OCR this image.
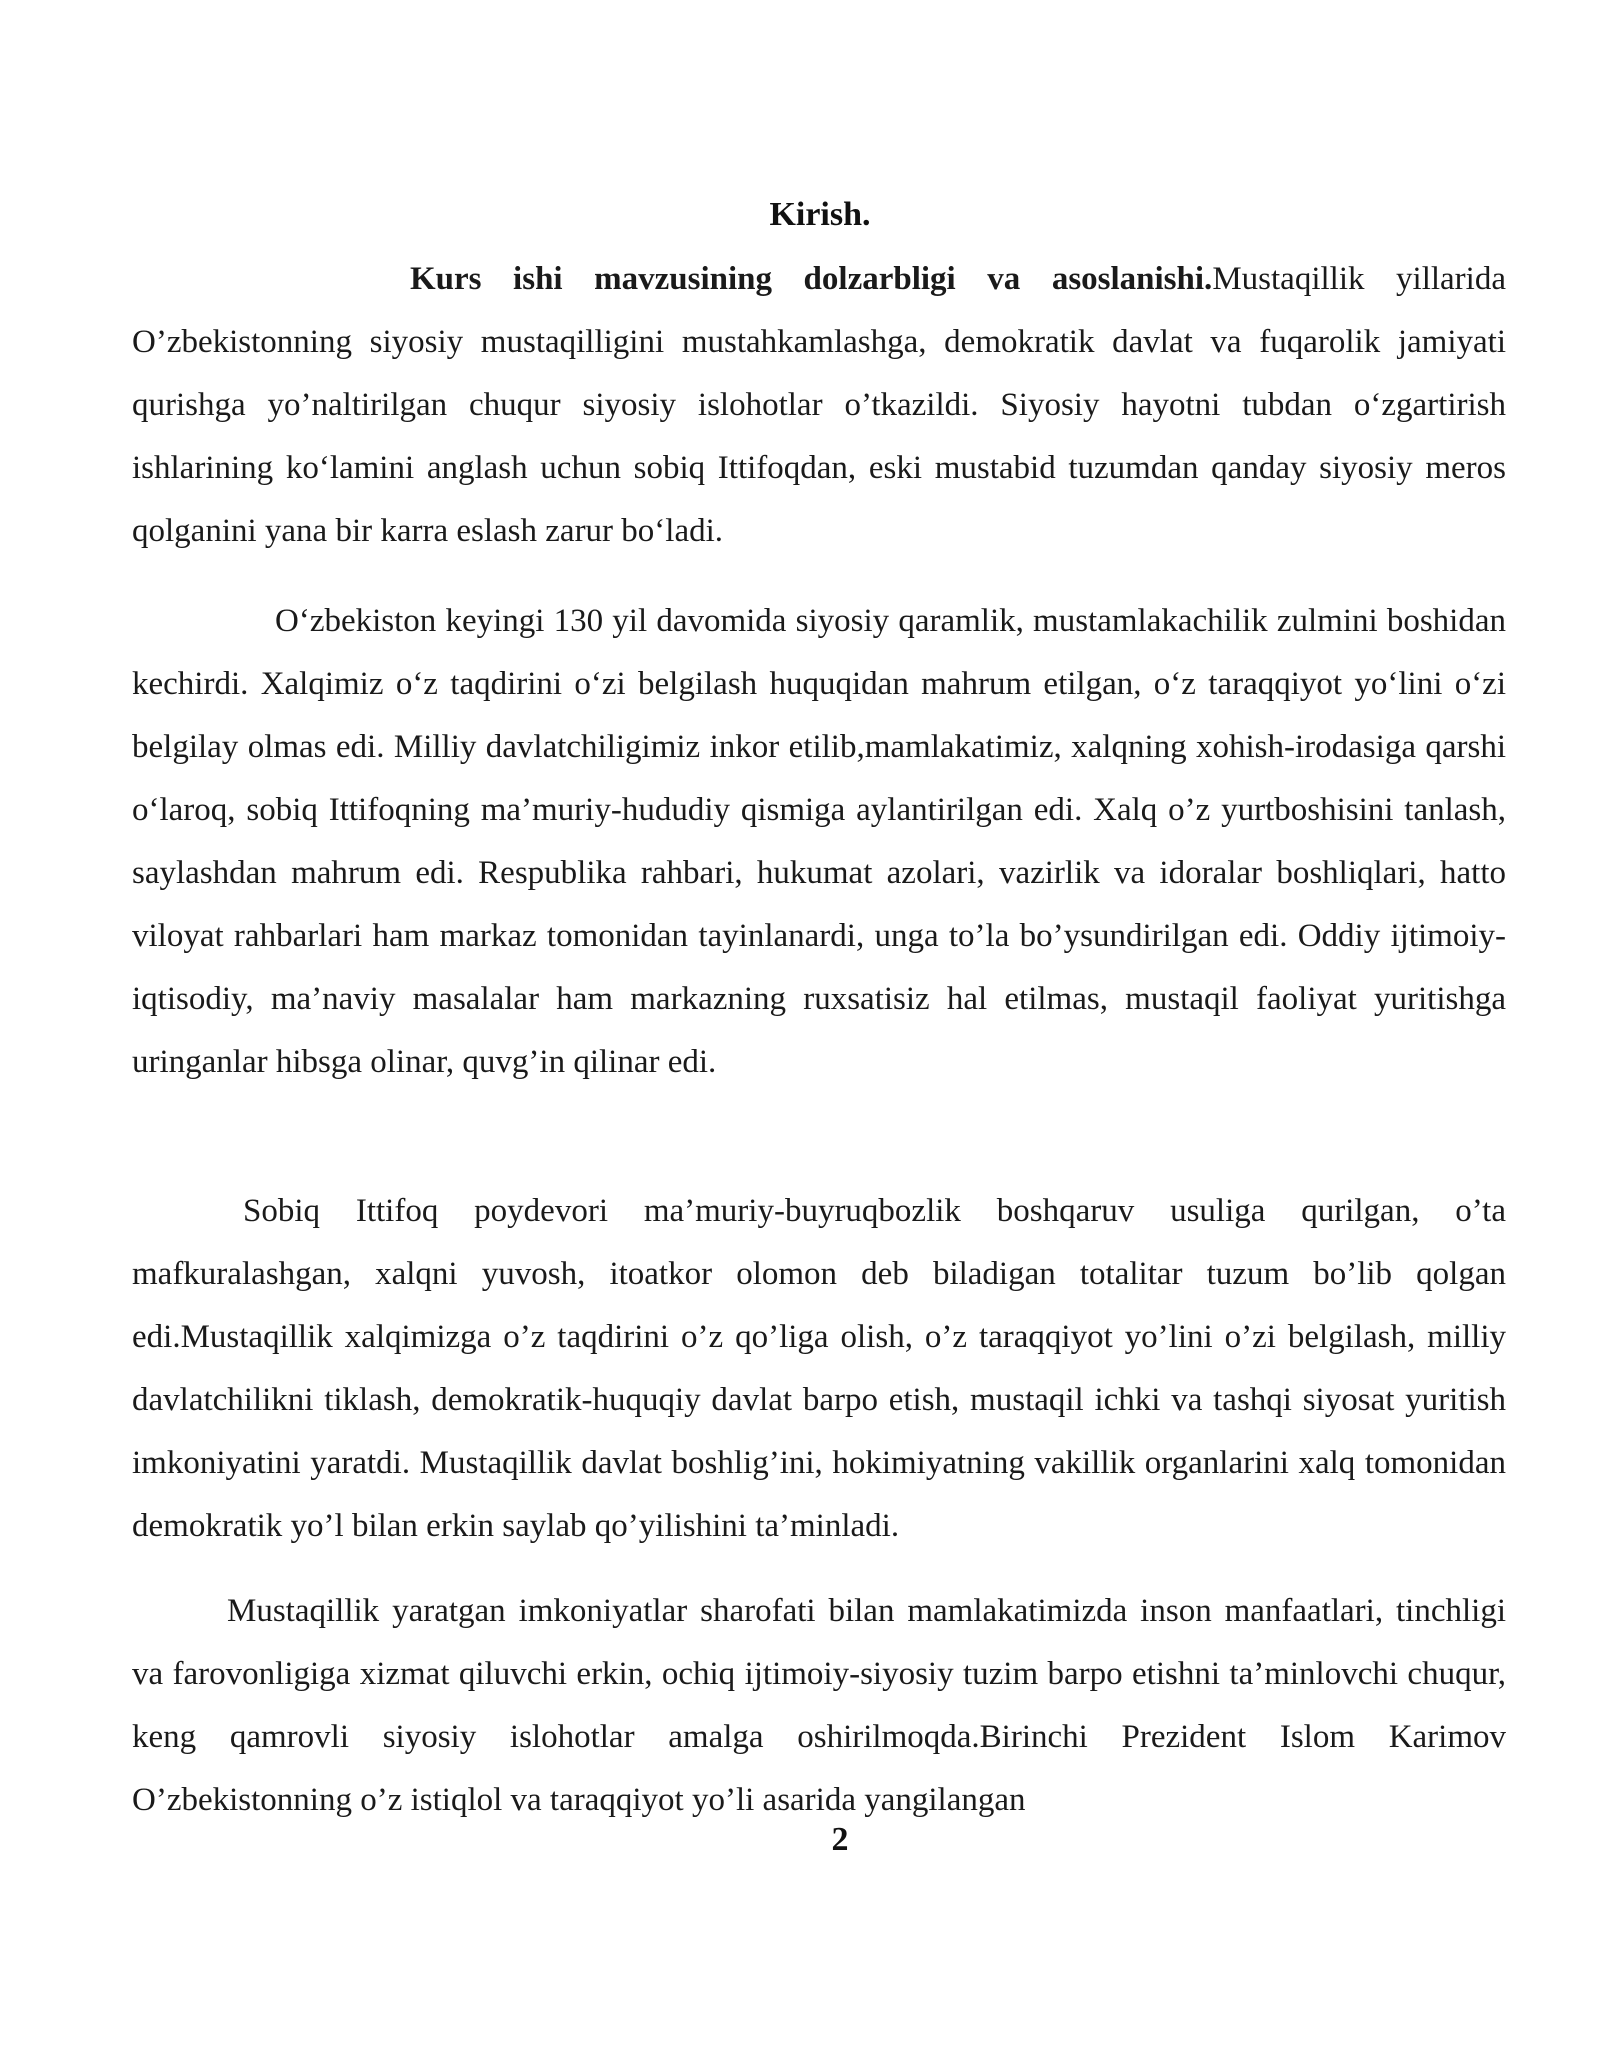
Kirish.
Kurs ishi mavzusining dolzarbligi va asoslanishi.Mustaqillik yillarida O’zbekistonning siyosiy mustaqilligini mustahkamlashga, demokratik davlat va fuqarolik jamiyati qurishga yo’naltirilgan chuqur siyosiy islohotlar o’tkazildi. Siyosiy hayotni tubdan o‘zgartirish ishlarining ko‘lamini anglash uchun sobiq Ittifoqdan, eski mustabid tuzumdan qanday siyosiy meros qolganini yana bir karra eslash zarur bo‘ladi.
O‘zbekiston keyingi 130 yil davomida siyosiy qaramlik, mustamlakachilik zulmini boshidan kechirdi. Xalqimiz o‘z taqdirini o‘zi belgilash huquqidan mahrum etilgan, o‘z taraqqiyot yo‘lini o‘zi belgilay olmas edi. Milliy davlatchiligimiz inkor etilib,mamlakatimiz, xalqning xohish-irodasiga qarshi o‘laroq, sobiq Ittifoqning ma’muriy-hududiy qismiga aylantirilgan edi. Xalq o’z yurtboshisini tanlash, saylashdan mahrum edi. Respublika rahbari, hukumat azolari, vazirlik va idoralar boshliqlari, hatto viloyat rahbarlari ham markaz tomonidan tayinlanardi, unga to’la bo’ysundirilgan edi. Oddiy ijtimoiy-iqtisodiy, ma’naviy masalalar ham markazning ruxsatisiz hal etilmas, mustaqil faoliyat yuritishga uringanlar hibsga olinar, quvg’in qilinar edi.
Sobiq Ittifoq poydevori ma’muriy-buyruqbozlik boshqaruv usuliga qurilgan, o’ta mafkuralashgan, xalqni yuvosh, itoatkor olomon deb biladigan totalitar tuzum bo’lib qolgan edi.Mustaqillik xalqimizga o’z taqdirini o’z qo’liga olish, o’z taraqqiyot yo’lini o’zi belgilash, milliy davlatchilikni tiklash, demokratik-huquqiy davlat barpo etish, mustaqil ichki va tashqi siyosat yuritish imkoniyatini yaratdi. Mustaqillik davlat boshlig’ini, hokimiyatning vakillik organlarini xalq tomonidan demokratik yo’l bilan erkin saylab qo’yilishini ta’minladi.
Mustaqillik yaratgan imkoniyatlar sharofati bilan mamlakatimizda inson manfaatlari, tinchligi va farovonligiga xizmat qiluvchi erkin, ochiq ijtimoiy-siyosiy tuzim barpo etishni ta’minlovchi chuqur, keng qamrovli siyosiy islohotlar amalga oshirilmoqda.Birinchi Prezident Islom Karimov O’zbekistonning o’z istiqlol va taraqqiyot yo’li asarida yangilangan
2
